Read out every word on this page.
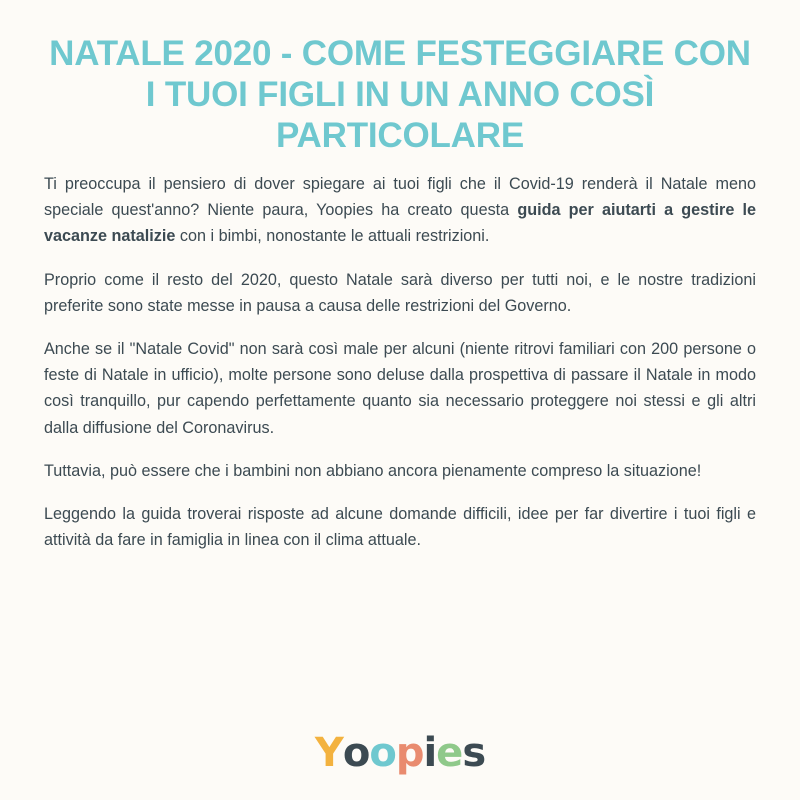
NATALE 2020 - COME FESTEGGIARE CON I TUOI FIGLI IN UN ANNO COSÌ PARTICOLARE

Ti preoccupa il pensiero di dover spiegare ai tuoi figli che il Covid-19 renderà il Natale meno speciale quest'anno? Niente paura, Yoopies ha creato questa guida per aiutarti a gestire le vacanze natalizie con i bimbi, nonostante le attuali restrizioni.

Proprio come il resto del 2020, questo Natale sarà diverso per tutti noi, e le nostre tradizioni preferite sono state messe in pausa a causa delle restrizioni del Governo.

Anche se il "Natale Covid" non sarà così male per alcuni (niente ritrovi familiari con 200 persone o feste di Natale in ufficio), molte persone sono deluse dalla prospettiva di passare il Natale in modo così tranquillo, pur capendo perfettamente quanto sia necessario proteggere noi stessi e gli altri dalla diffusione del Coronavirus.

Tuttavia, può essere che i bambini non abbiano ancora pienamente compreso la situazione!

Leggendo la guida troverai risposte ad alcune domande difficili, idee per far divertire i tuoi figli e attività da fare in famiglia in linea con il clima attuale.

Y o o p i e s
